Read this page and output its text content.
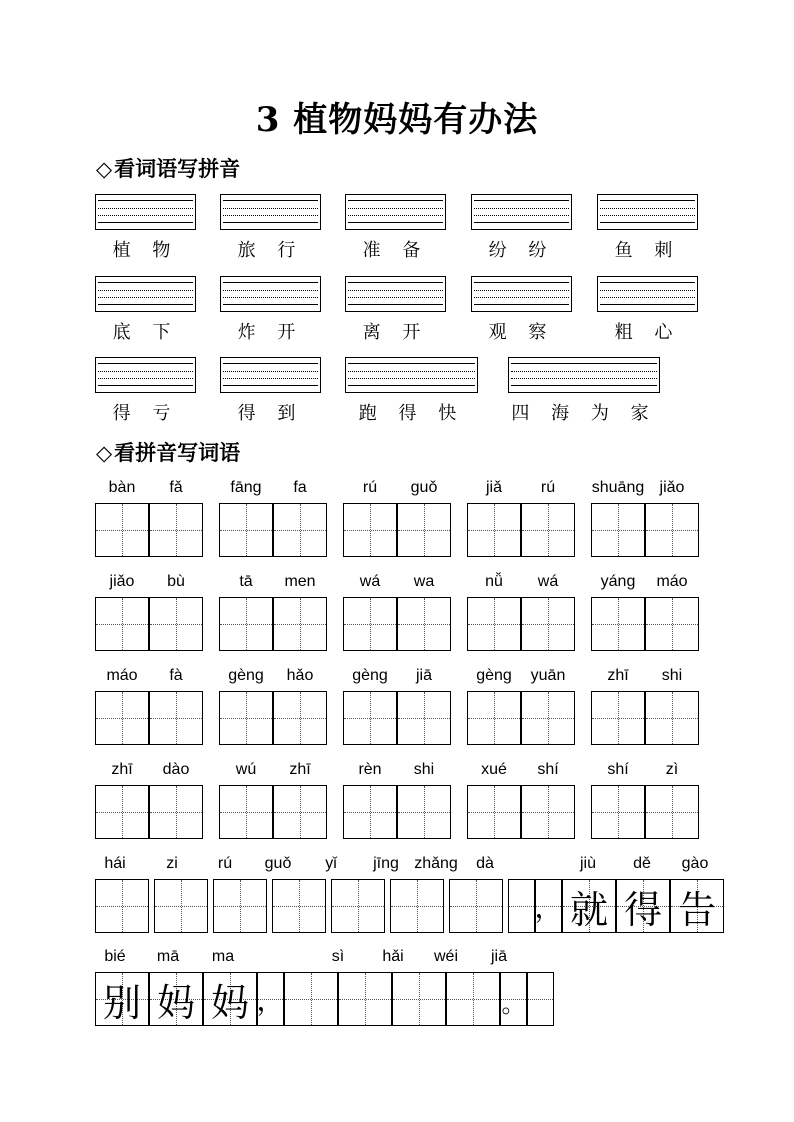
3 植物妈妈有办法
◇看词语写拼音
植 物	旅 行	准 备	纷 纷	鱼 刺
底 下	炸 开	离 开	观 察	粗 心
得 亏	得 到	跑 得 快	四 海 为 家
◇看拼音写词语
bàn	fǎ	fāng	fa	rú	guǒ	jiǎ	rú	shuāng jiǎo
jiǎo	bù	tā	men	wá	wa	nǚ	wá	yáng	máo
máo	fà	gèng	hǎo	gèng	jiā	gèng	yuān	zhī	shi
zhī	dào	wú	zhī	rèn	shi	xué	shí	shí	zì
hái	zi	rú	guǒ	yǐ	jīng zhǎng	dà	jiù	dě	gào
， 就 得 告
bié	mā	ma	sì	hǎi	wéi	jiā
别 妈 妈 ，	。
